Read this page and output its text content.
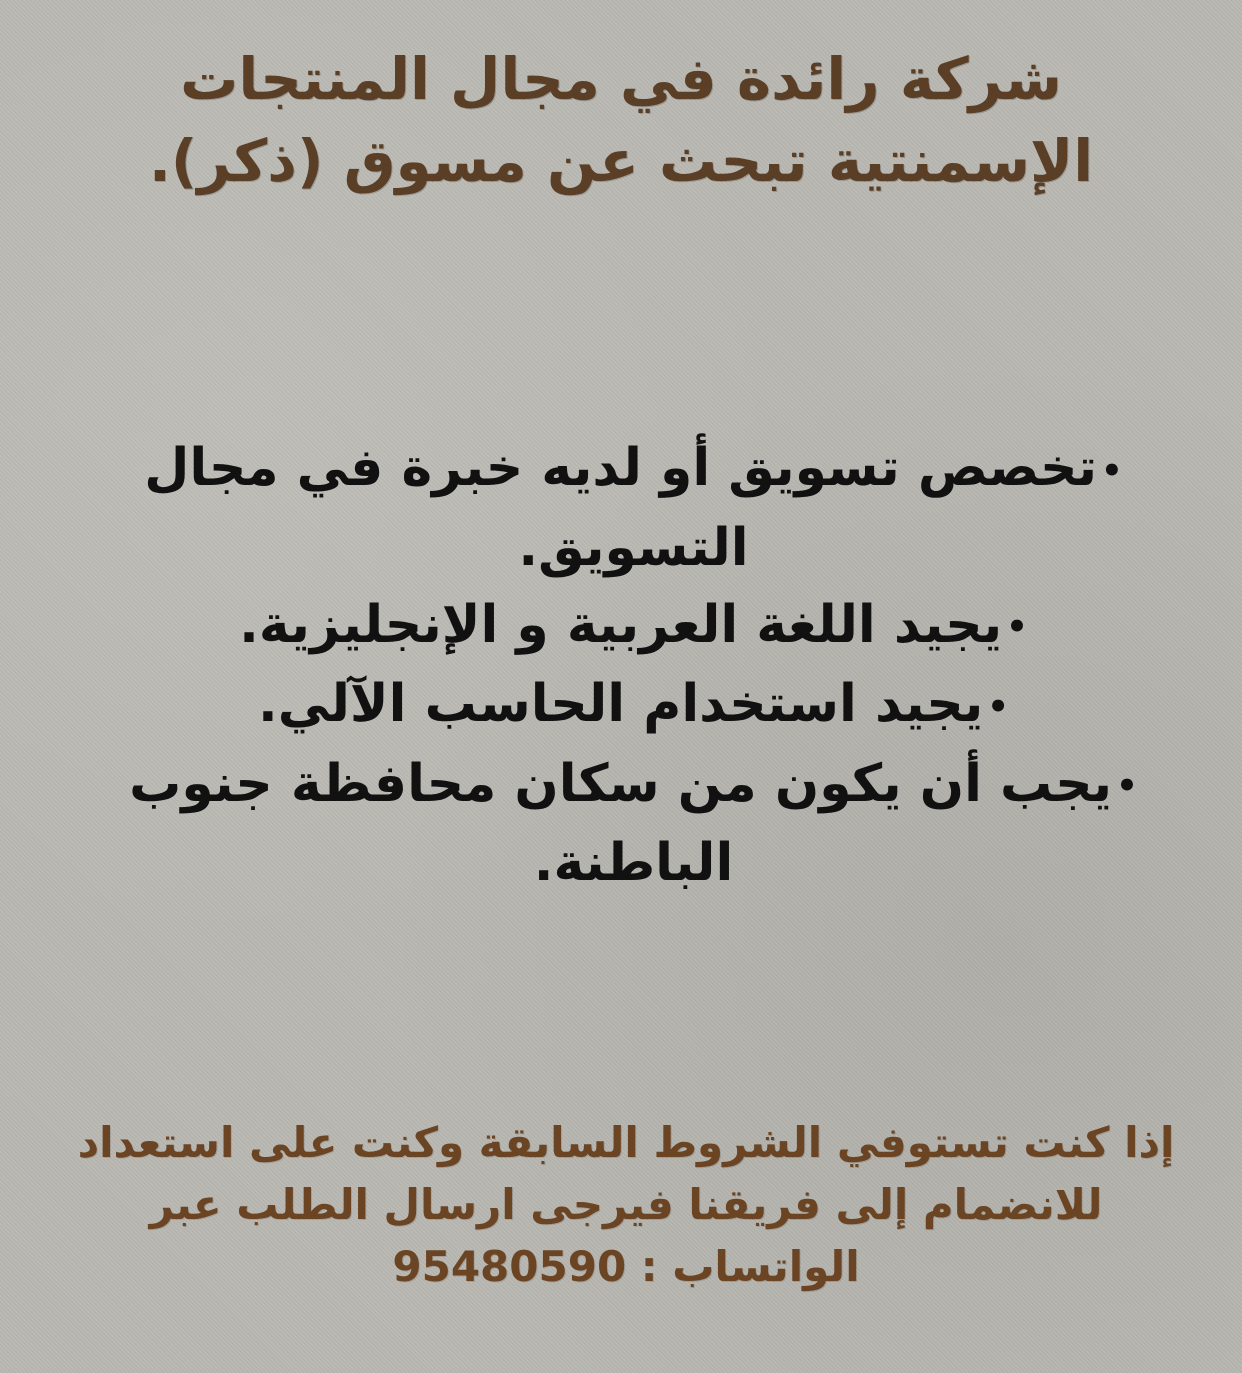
شركة رائدة في مجال المنتجات
الإسمنتية تبحث عن مسوق (ذكر).
•تخصص تسويق أو لديه خبرة في مجال التسويق.
•يجيد اللغة العربية و الإنجليزية.
•يجيد استخدام الحاسب الآلي.
•يجب أن يكون من سكان محافظة جنوب الباطنة.

إذا كنت تستوفي الشروط السابقة وكنت على استعداد
للانضمام إلى فريقنا فيرجى ارسال الطلب عبر
الواتساب : 95480590
